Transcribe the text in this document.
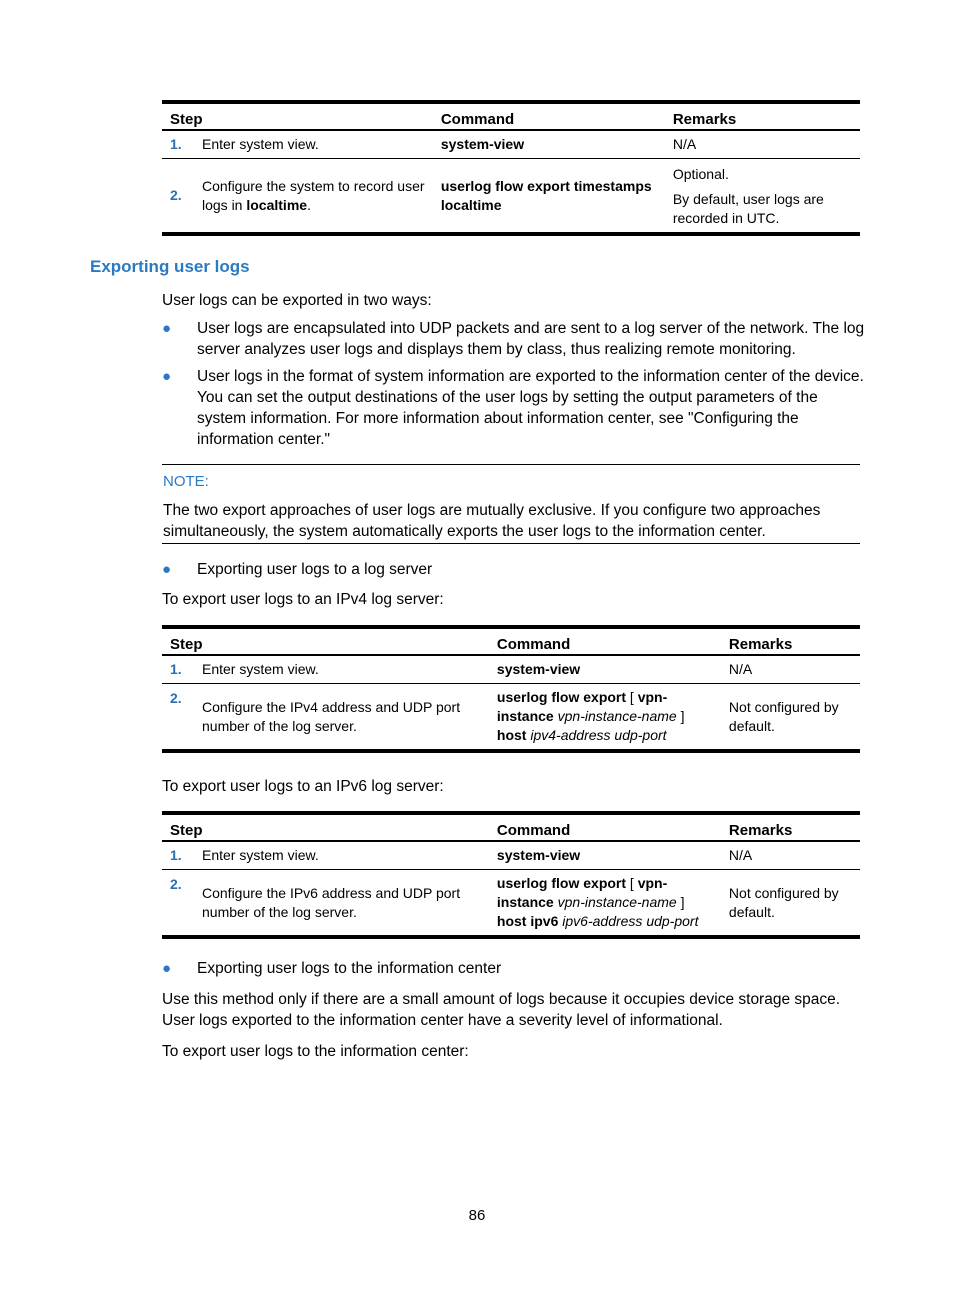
Step		Command	Remarks
1.	Enter system view.	system-view	N/A
2.	Configure the system to record user logs in localtime.	userlog flow export timestamps localtime	Optional.
By default, user logs are recorded in UTC.
Exporting user logs
User logs can be exported in two ways:
● User logs are encapsulated into UDP packets and are sent to a log server of the network. The log server analyzes user logs and displays them by class, thus realizing remote monitoring.
● User logs in the format of system information are exported to the information center of the device. You can set the output destinations of the user logs by setting the output parameters of the system information. For more information about information center, see "Configuring the information center."
NOTE:
The two export approaches of user logs are mutually exclusive. If you configure two approaches simultaneously, the system automatically exports the user logs to the information center.
● Exporting user logs to a log server
To export user logs to an IPv4 log server:
Step		Command	Remarks
1.	Enter system view.	system-view	N/A
2.	Configure the IPv4 address and UDP port number of the log server.	userlog flow export [ vpn-instance vpn-instance-name ] host ipv4-address udp-port	Not configured by default.
To export user logs to an IPv6 log server:
Step		Command	Remarks
1.	Enter system view.	system-view	N/A
2.	Configure the IPv6 address and UDP port number of the log server.	userlog flow export [ vpn-instance vpn-instance-name ] host ipv6 ipv6-address udp-port	Not configured by default.
● Exporting user logs to the information center
Use this method only if there are a small amount of logs because it occupies device storage space. User logs exported to the information center have a severity level of informational.
To export user logs to the information center:
86
